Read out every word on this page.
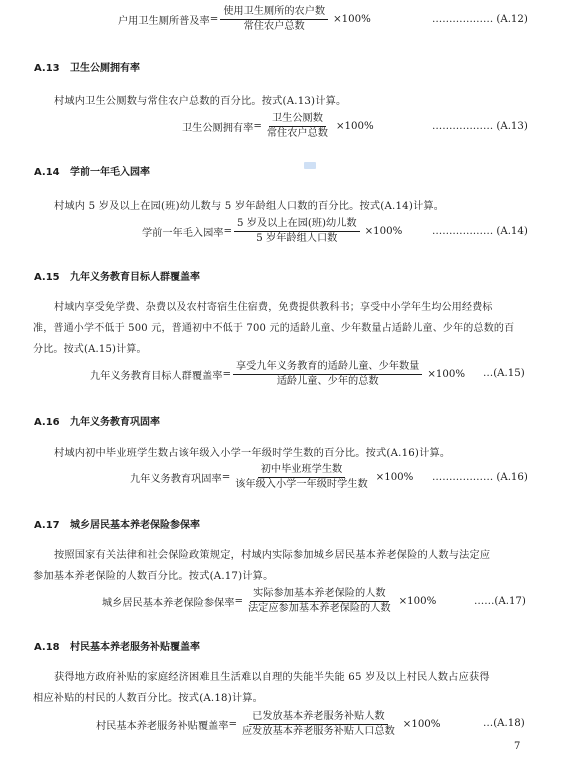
户用卫生厕所普及率 = $\frac{\text{使用卫生厕所的农户数}}{\text{常住农户总数}} \times 100\%$	……………… (A.12)
A.13 卫生公厕拥有率
村域内卫生公厕数与常住农户总数的百分比。按式(A.13)计算。
卫生公厕拥有率 = $\frac{\text{卫生公厕数}}{\text{常住农户总数}} \times 100\%$	……………… (A.13)
A.14 学前一年毛入园率
村域内 5 岁及以上在园(班)幼儿数与 5 岁年龄组人口数的百分比。按式(A.14)计算。
学前一年毛入园率 = $\frac{\text{5 岁及以上在园(班)幼儿数}}{\text{5 岁年龄组人口数}} \times 100\%$	……………… (A.14)
A.15 九年义务教育目标人群覆盖率
村域内享受免学费、杂费以及农村寄宿生住宿费，免费提供教科书；享受中小学年生均公用经费标
准，普通小学不低于 500 元，普通初中不低于 700 元的适龄儿童、少年数量占适龄儿童、少年的总数的百
分比。按式(A.15)计算。
九年义务教育目标人群覆盖率 = $\frac{\text{享受九年义务教育的适龄儿童、少年数量}}{\text{适龄儿童、少年的总数}} \times 100\%$ …(A.15)
A.16 九年义务教育巩固率
村域内初中毕业班学生数占该年级入小学一年级时学生数的百分比。按式(A.16)计算。
九年义务教育巩固率 = $\frac{\text{初中毕业班学生数}}{\text{该年级入小学一年级时学生数}} \times 100\%$ ……………… (A.16)
A.17 城乡居民基本养老保险参保率
按照国家有关法律和社会保险政策规定，村域内实际参加城乡居民基本养老保险的人数与法定应
参加基本养老保险的人数百分比。按式(A.17)计算。
城乡居民基本养老保险参保率 = $\frac{\text{实际参加基本养老保险的人数}}{\text{法定应参加基本养老保险的人数}} \times 100\%$	……(A.17)
A.18 村民基本养老服务补贴覆盖率
获得地方政府补贴的家庭经济困难且生活难以自理的失能半失能 65 岁及以上村民人数占应获得
相应补贴的村民的人数百分比。按式(A.18)计算。
村民基本养老服务补贴覆盖率 = $\frac{\text{已发放基本养老服务补贴人数}}{\text{应发放基本养老服务补贴人口总数}} \times 100\%$	…(A.18)
7
